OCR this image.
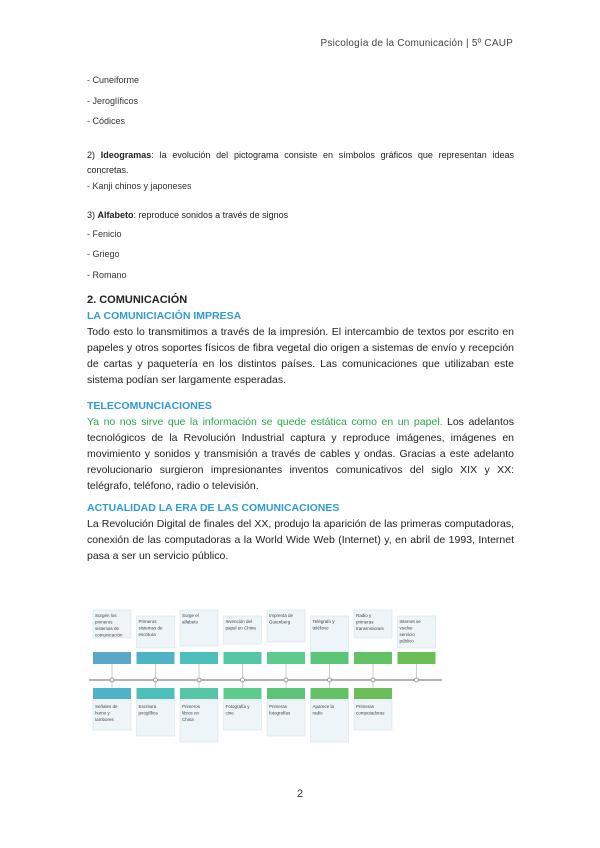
Psicología de la Comunicación | 5º CAUP
- Cuneiforme
- Jeroglíficos
- Códices
2) Ideogramas: la evolución del pictograma consiste en símbolos gráficos que representan ideas concretas.
- Kanji chinos y japoneses
3) Alfabeto: reproduce sonidos a través de signos
- Fenicio
- Griego
- Romano
2. COMUNICACIÓN
LA COMUNICIACIÓN IMPRESA
Todo esto lo transmitimos a través de la impresión. El intercambio de textos por escrito en papeles y otros soportes físicos de fibra vegetal dio origen a sistemas de envío y recepción de cartas y paquetería en los distintos países. Las comunicaciones que utilizaban este sistema podían ser largamente esperadas.
TELECOMUNCIACIONES
Ya no nos sirve que la información se quede estática como en un papel. Los adelantos tecnológicos de la Revolución Industrial captura y reproduce imágenes, imágenes en movimiento y sonidos y transmisión a través de cables y ondas. Gracias a este adelanto revolucionario surgieron impresionantes inventos comunicativos del siglo XIX y XX: telégrafo, teléfono, radio o televisión.
ACTUALIDAD LA ERA DE LAS COMUNICACIONES
La Revolución Digital de finales del XX, produjo la aparición de las primeras computadoras, conexión de las computadoras a la World Wide Web (Internet) y, en abril de 1993, Internet pasa a ser un servicio público.
Surgen los
primeros
sistemas de
comunicación
Primeros
sistemas de
escritura
Surge el
alfabeto	Invención del
papel en China
Imprenta de
Gutenberg	Telégrafo y
teléfono
Radio y
primeras
transmisiones
Internet se
vuelve
servicio
público
Señales de
humo y
tambores
Escritura
jeroglífica
Primeros
libros en
China
Fotografía y
cine
Primeras
fotografías
Aparece la
radio
Primeras
computadoras
2
